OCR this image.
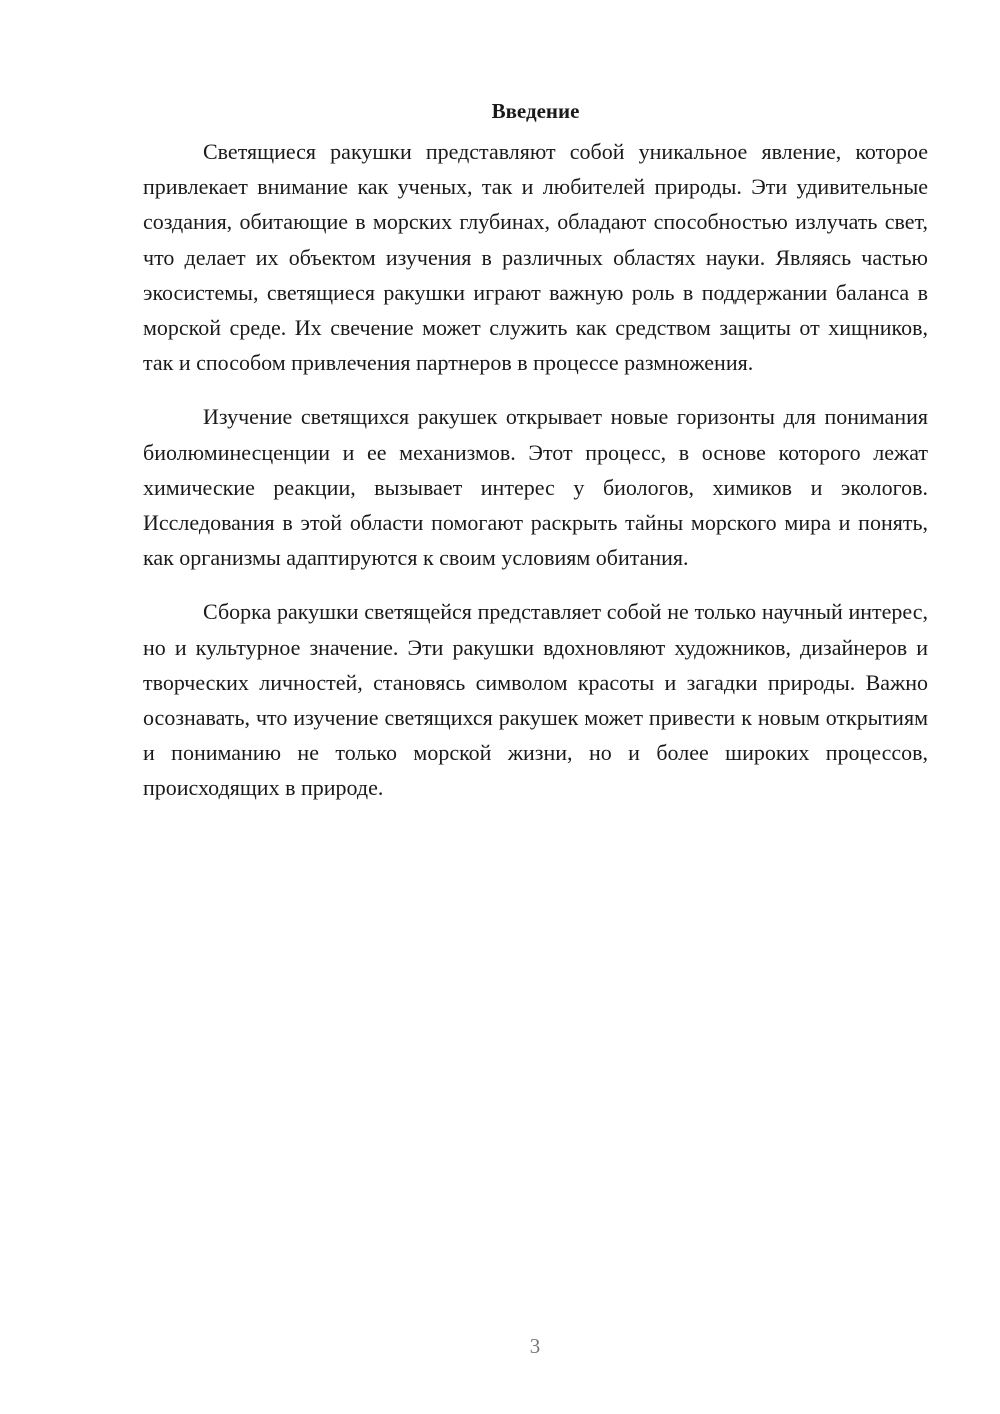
Введение

Светящиеся ракушки представляют собой уникальное явление, которое привлекает внимание как ученых, так и любителей природы. Эти удивительные создания, обитающие в морских глубинах, обладают способностью излучать свет, что делает их объектом изучения в различных областях науки. Являясь частью экосистемы, светящиеся ракушки играют важную роль в поддержании баланса в морской среде. Их свечение может служить как средством защиты от хищников, так и способом привлечения партнеров в процессе размножения.

Изучение светящихся ракушек открывает новые горизонты для понимания биолюминесценции и ее механизмов. Этот процесс, в основе которого лежат химические реакции, вызывает интерес у биологов, химиков и экологов. Исследования в этой области помогают раскрыть тайны морского мира и понять, как организмы адаптируются к своим условиям обитания.

Сборка ракушки светящейся представляет собой не только научный интерес, но и культурное значение. Эти ракушки вдохновляют художников, дизайнеров и творческих личностей, становясь символом красоты и загадки природы. Важно осознавать, что изучение светящихся ракушек может привести к новым открытиям и пониманию не только морской жизни, но и более широких процессов, происходящих в природе.

3
